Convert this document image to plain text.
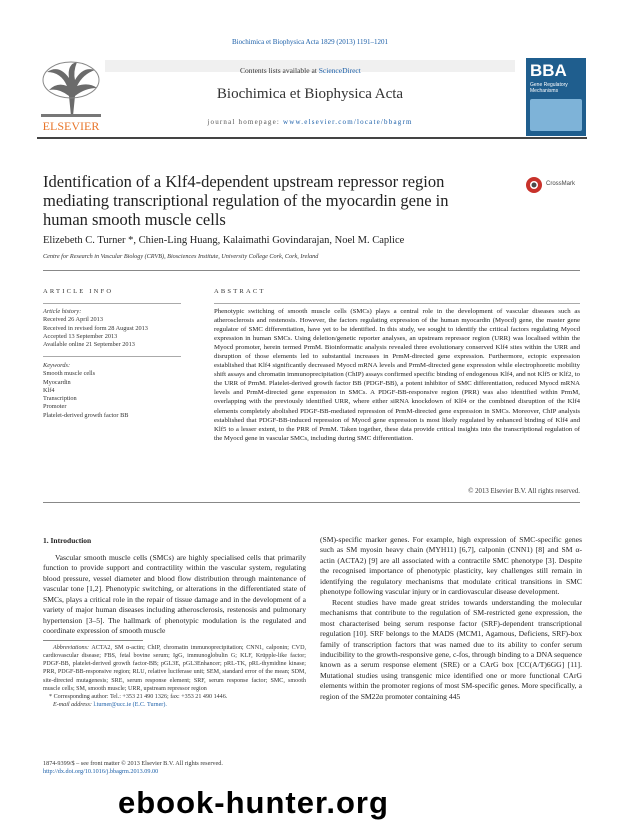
Biochimica et Biophysica Acta 1829 (2013) 1191–1201
ELSEVIER
Contents lists available at ScienceDirect
Biochimica et Biophysica Acta
journal homepage: www.elsevier.com/locate/bbagrm
BBA
Gene Regulatory Mechanisms
Identification of a Klf4-dependent upstream repressor region mediating transcriptional regulation of the myocardin gene in human smooth muscle cells
CrossMark
Elizebeth C. Turner *, Chien-Ling Huang, Kalaimathi Govindarajan, Noel M. Caplice
Centre for Research in Vascular Biology (CRVB), Biosciences Institute, University College Cork, Cork, Ireland
ARTICLE INFO
Article history:
Received 26 April 2013
Received in revised form 28 August 2013
Accepted 13 September 2013
Available online 21 September 2013
Keywords:
Smooth muscle cells
Myocardin
Klf4
Transcription
Promoter
Platelet-derived growth factor BB
ABSTRACT
Phenotypic switching of smooth muscle cells (SMCs) plays a central role in the development of vascular diseases such as atherosclerosis and restenosis. However, the factors regulating expression of the human myocardin (Myocd) gene, the master gene regulator of SMC differentiation, have yet to be identified. In this study, we sought to identify the critical factors regulating Myocd expression in human SMCs. Using deletion/genetic reporter analyses, an upstream repressor region (URR) was localised within the Myocd promoter, herein termed PrmM. Bioinformatic analysis revealed three evolutionary conserved Klf4 sites within the URR and disruption of those elements led to substantial increases in PrmM-directed gene expression. Furthermore, ectopic expression established that Klf4 significantly decreased Myocd mRNA levels and PrmM-directed gene expression while electrophoretic mobility shift assays and chromatin immunoprecipitation (ChIP) assays confirmed specific binding of endogenous Klf4, and not Klf5 or Klf2, to the URR of PrmM. Platelet-derived growth factor BB (PDGF-BB), a potent inhibitor of SMC differentiation, reduced Myocd mRNA levels and PrmM-directed gene expression in SMCs. A PDGF-BB-responsive region (PRR) was also identified within PrmM, overlapping with the previously identified URR, where either siRNA knockdown of Klf4 or the combined disruption of the Klf4 elements completely abolished PDGF-BB-mediated repression of PrmM-directed gene expression in SMCs. Moreover, ChIP analysis established that PDGF-BB-induced repression of Myocd gene expression is most likely regulated by enhanced binding of Klf4 and Klf5 to a lesser extent, to the PRR of PrmM. Taken together, these data provide critical insights into the transcriptional regulation of the Myocd gene in vascular SMCs, including during SMC differentiation.
© 2013 Elsevier B.V. All rights reserved.
1. Introduction

Vascular smooth muscle cells (SMCs) are highly specialised cells that primarily function to provide support and contractility within the vascular system, regulating blood pressure, vessel diameter and blood flow distribution through maintenance of vascular tone [1,2]. Phenotypic switching, or alterations in the differentiated state of SMCs, plays a critical role in the repair of tissue damage and in the development of a variety of major human diseases including atherosclerosis, restenosis and pulmonary hypertension [3–5]. The hallmark of phenotypic modulation is the regulated and coordinate expression of smooth muscle

(SM)-specific marker genes. For example, high expression of SMC-specific genes such as SM myosin heavy chain (MYH11) [6,7], calponin (CNN1) [8] and SM α-actin (ACTA2) [9] are all associated with a contractile SMC phenotype [3]. Despite the recognised importance of phenotypic plasticity, key challenges still remain in identifying the regulatory mechanisms that modulate critical transitions in SMC phenotype following vascular injury or in cardiovascular disease development.

Recent studies have made great strides towards understanding the molecular mechanisms that contribute to the regulation of SM-restricted gene expression, the most characterised being serum response factor (SRF)-dependent transcriptional regulation [10]. SRF belongs to the MADS (MCM1, Agamous, Deficiens, SRF)-box family of transcription factors that was named due to its ability to confer serum inducibility to the growth-responsive gene, c-fos, through binding to a DNA sequence known as a serum response element (SRE) or a CArG box [CC(A/T)6GG] [11]. Mutational studies using transgenic mice identified one or more functional CArG elements within the promoter regions of most SM-specific genes. More specifically, a region of the SM22α promoter containing 445

Abbreviations: ACTA2, SM α-actin; ChIP, chromatin immunoprecipitation; CNN1, calponin; CVD, cardiovascular disease; FBS, fetal bovine serum; IgG, immunoglobulin G; KLF, Krüpple-like factor; PDGF-BB, platelet-derived growth factor-BB; pGL3E, pGL3Enhancer; pRL-TK, pRL-thymidine kinase; PRR, PDGF-BB-responsive region; RLU, relative luciferase unit; SEM, standard error of the mean; SDM, site-directed mutagenesis; SRE, serum response element; SRF, serum response factor; SMC, smooth muscle cells; SM, smooth muscle; URR, upstream repressor region
* Corresponding author: Tel.: +353 21 490 1326; fax: +353 21 490 1446.
E-mail address: l.turner@ucc.ie (E.C. Turner).
1874-9399/$ – see front matter © 2013 Elsevier B.V. All rights reserved.
http://dx.doi.org/10.1016/j.bbagrm.2013.09.00
ebook-hunter.org
